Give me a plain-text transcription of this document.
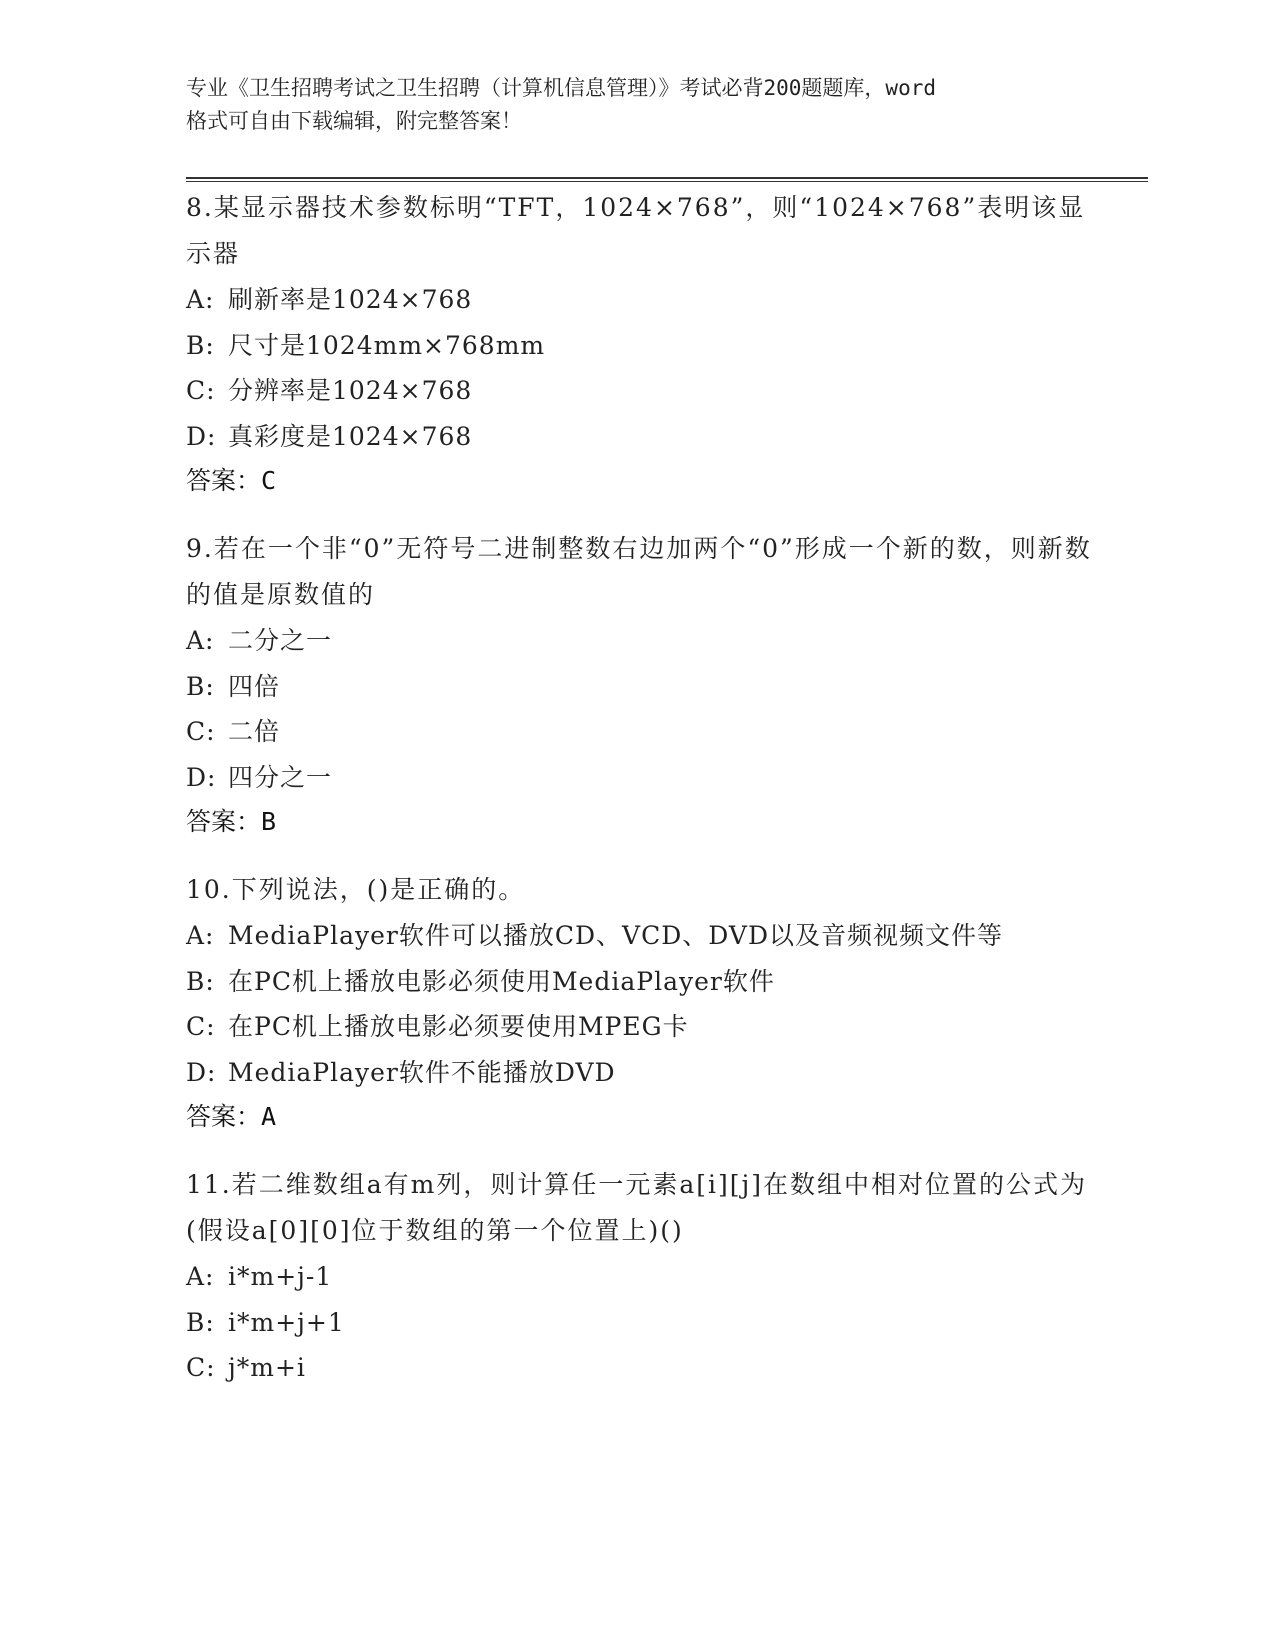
专业《卫生招聘考试之卫生招聘（计算机信息管理）》考试必背200题题库，word
格式可自由下载编辑，附完整答案！

8.某显示器技术参数标明“TFT，1024×768”，则“1024×768”表明该显示器

A: 刷新率是1024×768

B: 尺寸是1024mm×768mm

C: 分辨率是1024×768

D: 真彩度是1024×768

答案：C

9.若在一个非“0”无符号二进制整数右边加两个“0”形成一个新的数，则新数的值是原数值的

A: 二分之一

B: 四倍

C: 二倍

D: 四分之一

答案：B

10.下列说法，()是正确的。

A: MediaPlayer软件可以播放CD、VCD、DVD以及音频视频文件等

B: 在PC机上播放电影必须使用MediaPlayer软件

C: 在PC机上播放电影必须要使用MPEG卡

D: MediaPlayer软件不能播放DVD

答案：A

11.若二维数组a有m列，则计算任一元素a[i][j]在数组中相对位置的公式为(假设a[0][0]位于数组的第一个位置上)()

A: i*m+j-1

B: i*m+j+1

C: j*m+i
